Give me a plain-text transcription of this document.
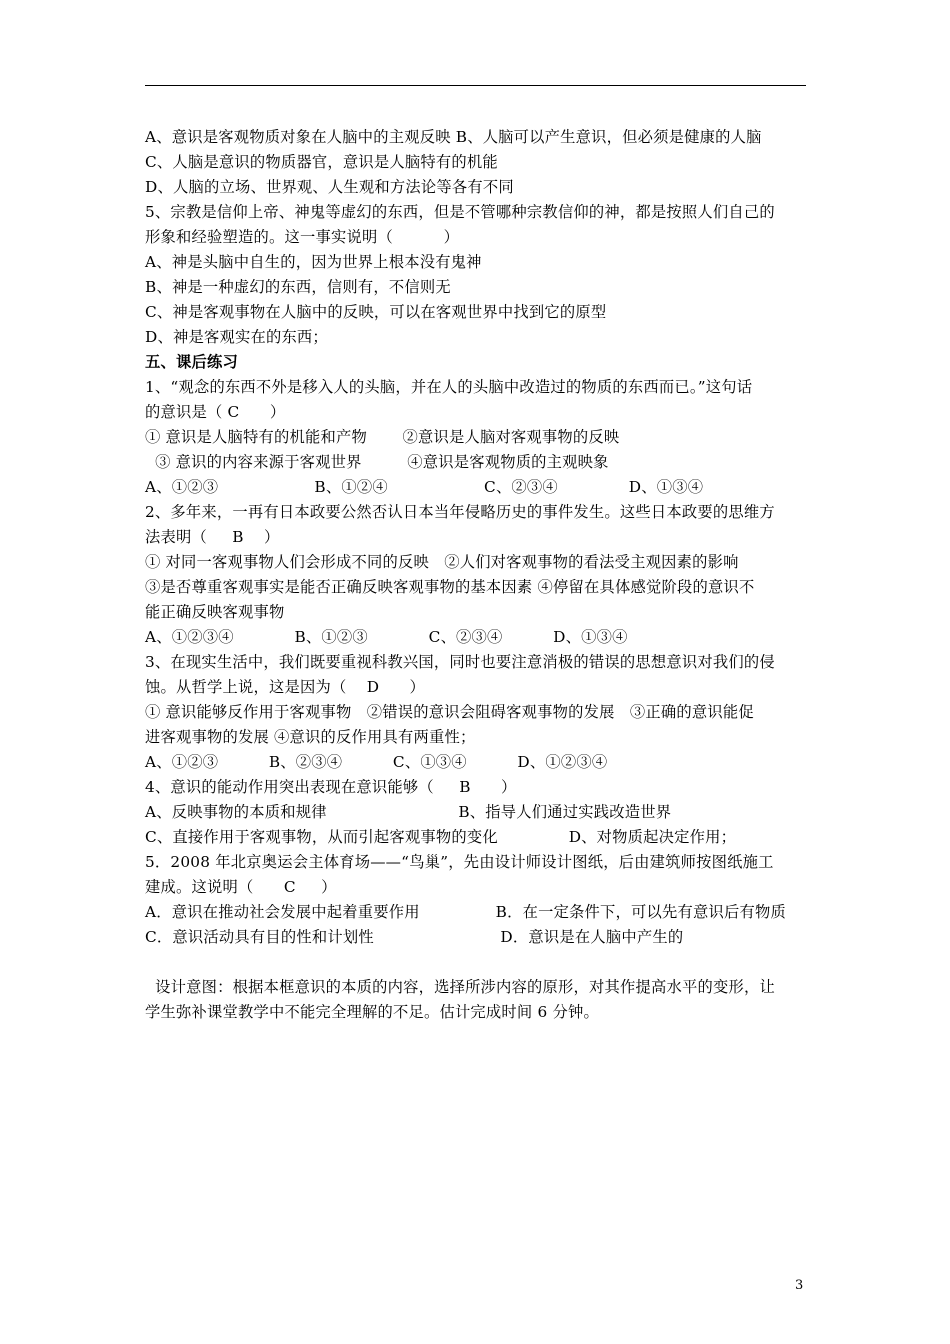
A、意识是客观物质对象在人脑中的主观反映 B、人脑可以产生意识，但必须是健康的人脑
C、人脑是意识的物质器官，意识是人脑特有的机能
D、人脑的立场、世界观、人生观和方法论等各有不同
5、宗教是信仰上帝、神鬼等虚幻的东西，但是不管哪种宗教信仰的神，都是按照人们自己的
形象和经验塑造的。这一事实说明（          ）
A、神是头脑中自生的，因为世界上根本没有鬼神
B、神是一种虚幻的东西，信则有，不信则无
C、神是客观事物在人脑中的反映，可以在客观世界中找到它的原型
D、神是客观实在的东西；
五、课后练习
1、“观念的东西不外是移入人的头脑，并在人的头脑中改造过的物质的东西而已。”这句话
的意识是（ C      ）
① 意识是人脑特有的机能和产物       ②意识是人脑对客观事物的反映
③ 意识的内容来源于客观世界         ④意识是客观物质的主观映象
A、①②③                   B、①②④                   C、②③④              D、①③④
2、多年来，一再有日本政要公然否认日本当年侵略历史的事件发生。这些日本政要的思维方
法表明（     B    ）
① 对同一客观事物人们会形成不同的反映   ②人们对客观事物的看法受主观因素的影响
③是否尊重客观事实是能否正确反映客观事物的基本因素 ④停留在具体感觉阶段的意识不
能正确反映客观事物
A、①②③④            B、①②③            C、②③④          D、①③④
3、在现实生活中，我们既要重视科教兴国，同时也要注意消极的错误的思想意识对我们的侵
蚀。从哲学上说，这是因为（    D      ）
① 意识能够反作用于客观事物   ②错误的意识会阻碍客观事物的发展   ③正确的意识能促
进客观事物的发展 ④意识的反作用具有两重性；
A、①②③          B、②③④          C、①③④          D、①②③④
4、意识的能动作用突出表现在意识能够（     B      ）
A、反映事物的本质和规律                          B、指导人们通过实践改造世界
C、直接作用于客观事物，从而引起客观事物的变化              D、对物质起决定作用；
5．2008 年北京奥运会主体育场——“鸟巢”，先由设计师设计图纸，后由建筑师按图纸施工
建成。这说明（      C     ）
A．意识在推动社会发展中起着重要作用               B．在一定条件下，可以先有意识后有物质
C．意识活动具有目的性和计划性                         D．意识是在人脑中产生的
设计意图：根据本框意识的本质的内容，选择所涉内容的原形，对其作提高水平的变形，让
学生弥补课堂教学中不能完全理解的不足。估计完成时间 6 分钟。
3
